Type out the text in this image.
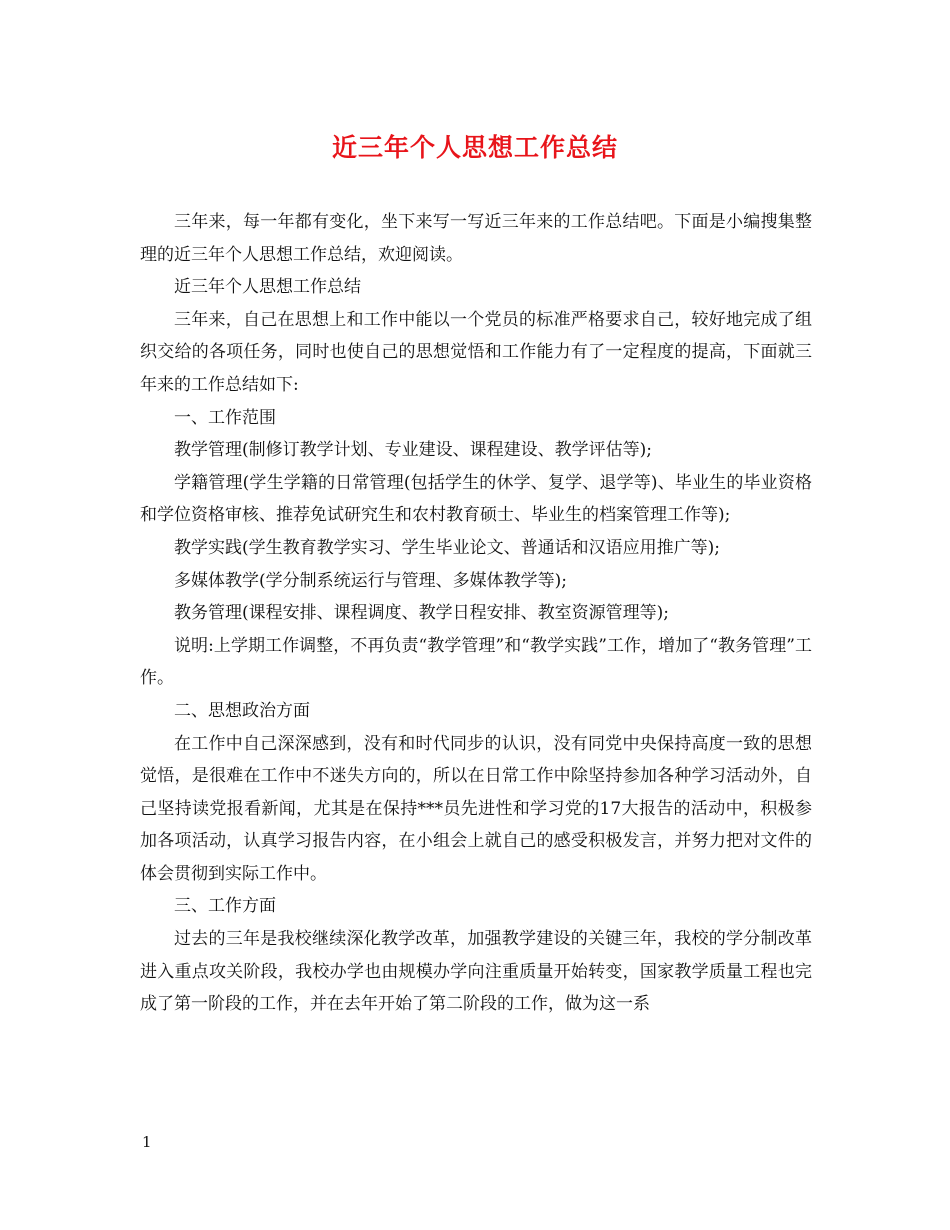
近三年个人思想工作总结

三年来，每一年都有变化，坐下来写一写近三年来的工作总结吧。下面是小编搜集整理的近三年个人思想工作总结，欢迎阅读。

近三年个人思想工作总结

三年来，自己在思想上和工作中能以一个党员的标准严格要求自己，较好地完成了组织交给的各项任务，同时也使自己的思想觉悟和工作能力有了一定程度的提高，下面就三年来的工作总结如下:

一、工作范围

教学管理(制修订教学计划、专业建设、课程建设、教学评估等);

学籍管理(学生学籍的日常管理(包括学生的休学、复学、退学等)、毕业生的毕业资格和学位资格审核、推荐免试研究生和农村教育硕士、毕业生的档案管理工作等);

教学实践(学生教育教学实习、学生毕业论文、普通话和汉语应用推广等);

多媒体教学(学分制系统运行与管理、多媒体教学等);

教务管理(课程安排、课程调度、教学日程安排、教室资源管理等);

说明:上学期工作调整，不再负责“教学管理”和“教学实践”工作，增加了“教务管理”工作。

二、思想政治方面

在工作中自己深深感到，没有和时代同步的认识，没有同党中央保持高度一致的思想觉悟，是很难在工作中不迷失方向的，所以在日常工作中除坚持参加各种学习活动外，自己坚持读党报看新闻，尤其是在保持***员先进性和学习党的17大报告的活动中，积极参加各项活动，认真学习报告内容，在小组会上就自己的感受积极发言，并努力把对文件的体会贯彻到实际工作中。

三、工作方面

过去的三年是我校继续深化教学改革，加强教学建设的关键三年，我校的学分制改革进入重点攻关阶段，我校办学也由规模办学向注重质量开始转变，国家教学质量工程也完成了第一阶段的工作，并在去年开始了第二阶段的工作，做为这一系

1
